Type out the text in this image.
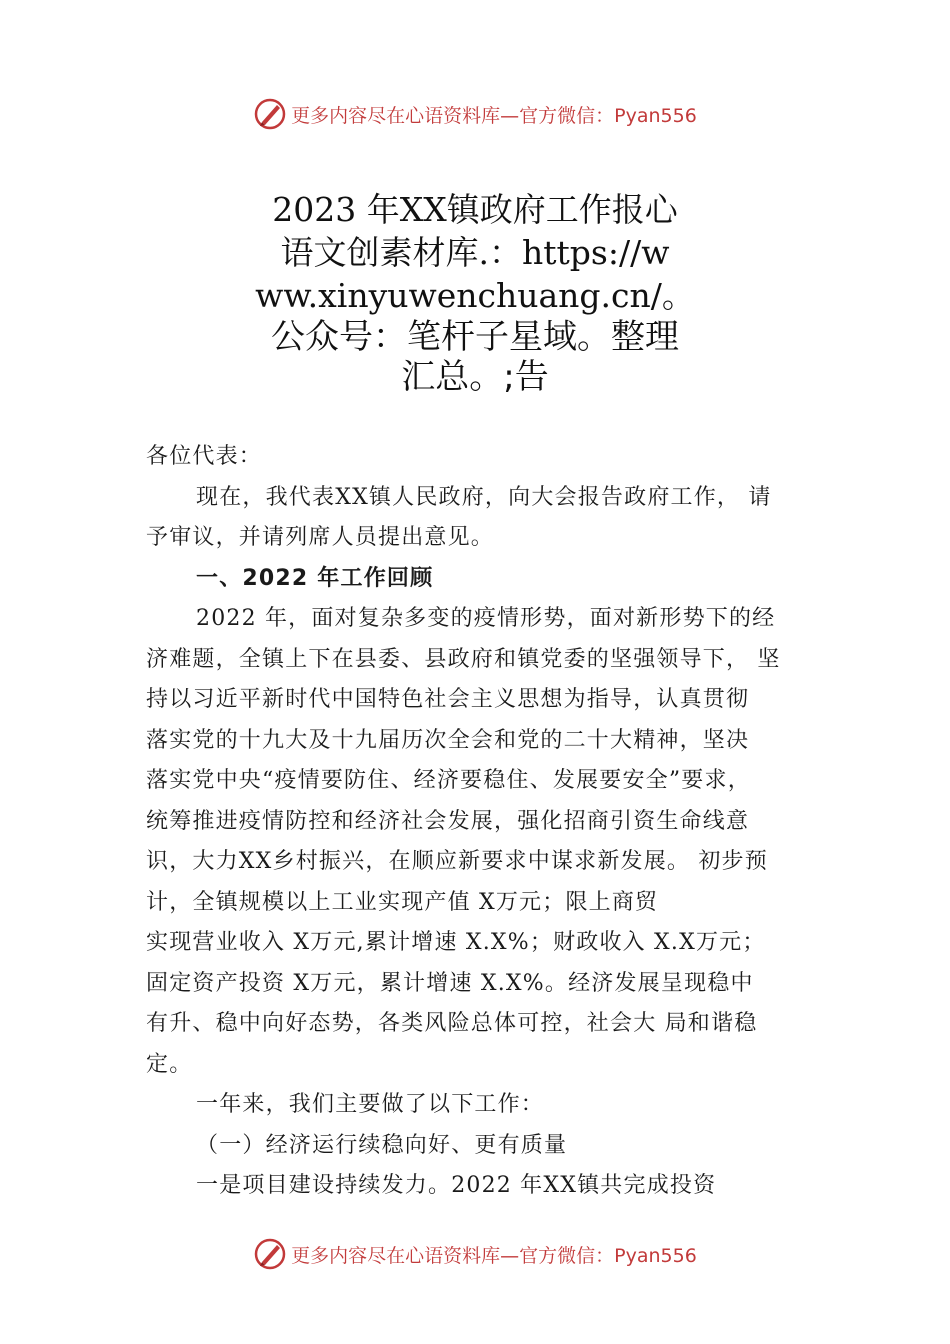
更多内容尽在心语资料库—官方微信：Pyan556
2023 年XX镇政府工作报心
语文创素材库.：https://w
ww.xinyuwenchuang.cn/。
公众号：笔杆子星域。整理
汇总。;告
各位代表：
现在，我代表XX镇人民政府，向大会报告政府工作， 请
予审议，并请列席人员提出意见。
一、2022 年工作回顾
2022 年，面对复杂多变的疫情形势，面对新形势下的经
济难题，全镇上下在县委、县政府和镇党委的坚强领导下， 坚
持以习近平新时代中国特色社会主义思想为指导，认真贯彻
落实党的十九大及十九届历次全会和党的二十大精神，坚决
落实党中央“疫情要防住、经济要稳住、发展要安全”要求，
统筹推进疫情防控和经济社会发展，强化招商引资生命线意
识，大力XX乡村振兴，在顺应新要求中谋求新发展。 初步预
计，全镇规模以上工业实现产值 X万元；限上商贸
实现营业收入 X万元,累计增速 X.X%；财政收入 X.X万元；
固定资产投资 X万元，累计增速 X.X%。经济发展呈现稳中
有升、稳中向好态势，各类风险总体可控，社会大 局和谐稳
定。
一年来，我们主要做了以下工作：
（一）经济运行续稳向好、更有质量
一是项目建设持续发力。2022 年XX镇共完成投资
更多内容尽在心语资料库—官方微信：Pyan556
